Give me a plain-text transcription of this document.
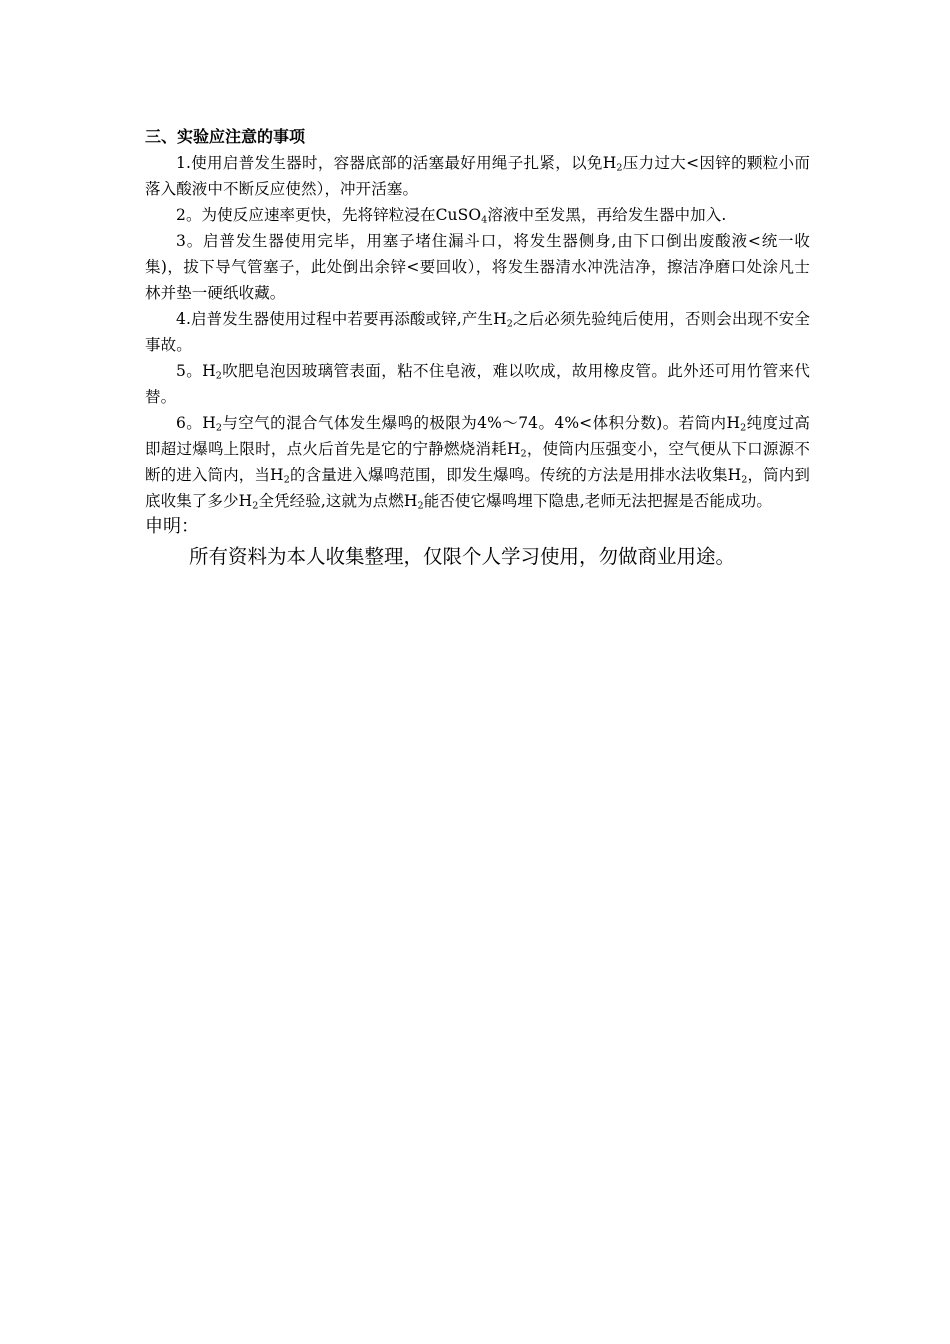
三、实验应注意的事项

1.使用启普发生器时，容器底部的活塞最好用绳子扎紧，以免$H_2$压力过大<因锌的颗粒小而落入酸液中不断反应使然），冲开活塞。

2。为使反应速率更快，先将锌粒浸在CuSO$_4$溶液中至发黑，再给发生器中加入.

3。启普发生器使用完毕，用塞子堵住漏斗口，将发生器侧身,由下口倒出废酸液<统一收集)，拔下导气管塞子，此处倒出余锌<要回收），将发生器清水冲洗洁净，擦洁净磨口处涂凡士林并垫一硬纸收藏。

4.启普发生器使用过程中若要再添酸或锌,产生$H_2$之后必须先验纯后使用，否则会出现不安全事故。

5。$H_2$吹肥皂泡因玻璃管表面，粘不住皂液，难以吹成，故用橡皮管。此外还可用竹管来代替。

6。$H_2$与空气的混合气体发生爆鸣的极限为4%～74。4%<体积分数)。若筒内$H_2$纯度过高即超过爆鸣上限时，点火后首先是它的宁静燃烧消耗$H_2$，使筒内压强变小，空气便从下口源源不断的进入筒内，当$H_2$的含量进入爆鸣范围，即发生爆鸣。传统的方法是用排水法收集$H_2$，筒内到底收集了多少$H_2$全凭经验,这就为点燃$H_2$能否使它爆鸣埋下隐患,老师无法把握是否能成功。

申明：

所有资料为本人收集整理，仅限个人学习使用，勿做商业用途。
